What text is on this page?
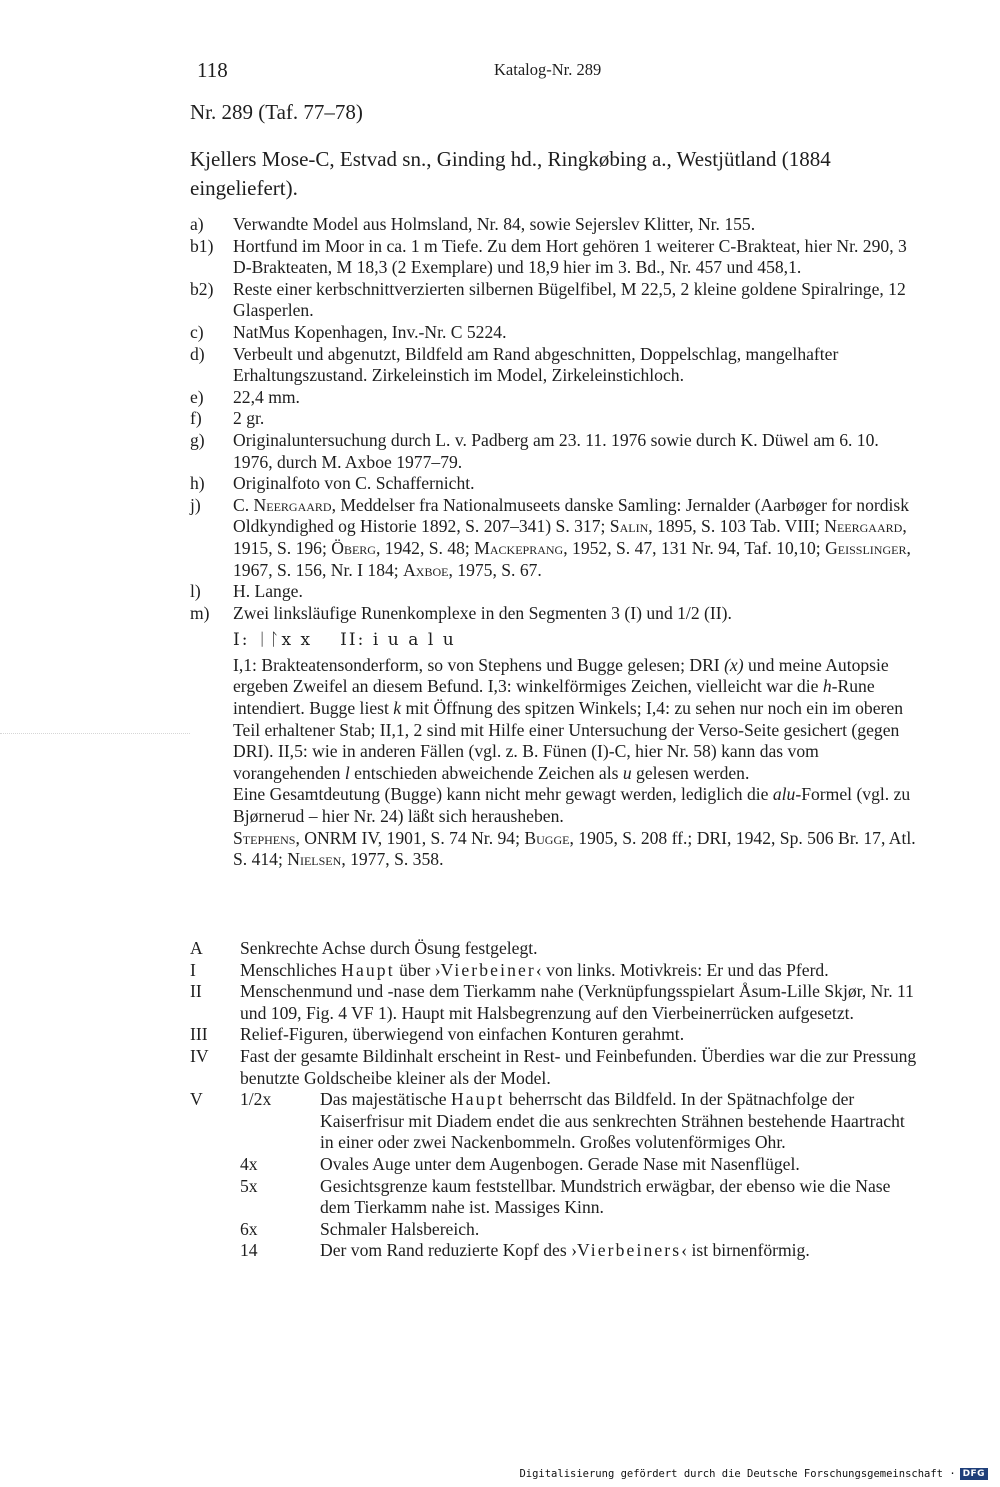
118	Katalog-Nr. 289
Nr. 289 (Taf. 77–78)
Kjellers Mose-C, Estvad sn., Ginding hd., Ringkøbing a., Westjütland (1884 eingeliefert).
a) Verwandte Model aus Holmsland, Nr. 84, sowie Sejerslev Klitter, Nr. 155.
b1) Hortfund im Moor in ca. 1 m Tiefe. Zu dem Hort gehören 1 weiterer C-Brakteat, hier Nr. 290, 3 D-Brakteaten, M 18,3 (2 Exemplare) und 18,9 hier im 3. Bd., Nr. 457 und 458,1.
b2) Reste einer kerbschnittverzierten silbernen Bügelfibel, M 22,5, 2 kleine goldene Spiralringe, 12 Glasperlen.
c) NatMus Kopenhagen, Inv.-Nr. C 5224.
d) Verbeult und abgenutzt, Bildfeld am Rand abgeschnitten, Doppelschlag, mangelhafter Erhaltungszustand. Zirkeleinstich im Model, Zirkeleinstichloch.
e) 22,4 mm.
f) 2 gr.
g) Originaluntersuchung durch L. v. Padberg am 23. 11. 1976 sowie durch K. Düwel am 6. 10. 1976, durch M. Axboe 1977–79.
h) Originalfoto von C. Schaffernicht.
j) C. Neergaard, Meddelser fra Nationalmuseets danske Samling: Jernalder (Aarbøger for nordisk Oldkyndighed og Historie 1892, S. 207–341) S. 317; Salin, 1895, S. 103 Tab. VIII; Neergaard, 1915, S. 196; Öberg, 1942, S. 48; Mackeprang, 1952, S. 47, 131 Nr. 94, Taf. 10,10; Geisslinger, 1967, S. 156, Nr. I 184; Axboe, 1975, S. 67.
l) H. Lange.
m) Zwei linksläufige Runenkomplexe in den Segmenten 3 (I) und 1/2 (II).

I: ᛁᛚx x II: i u a l u

I,1: Brakteatensonderform, so von Stephens und Bugge gelesen; DRI (x) und meine Autopsie ergeben Zweifel an diesem Befund. I,3: winkelförmiges Zeichen, vielleicht war die h-Rune intendiert. Bugge liest k mit Öffnung des spitzen Winkels; I,4: zu sehen nur noch ein im oberen Teil erhaltener Stab; II,1, 2 sind mit Hilfe einer Untersuchung der Verso-Seite gesichert (gegen DRI). II,5: wie in anderen Fällen (vgl. z. B. Fünen (I)-C, hier Nr. 58) kann das vom vorangehenden l entschieden abweichende Zeichen als u gelesen werden.

Eine Gesamtdeutung (Bugge) kann nicht mehr gewagt werden, lediglich die alu-Formel (vgl. zu Bjørnerud – hier Nr. 24) läßt sich herausheben.

Stephens, ONRM IV, 1901, S. 74 Nr. 94; Bugge, 1905, S. 208 ff.; DRI, 1942, Sp. 506 Br. 17, Atl. S. 414; Nielsen, 1977, S. 358.

A Senkrechte Achse durch Ösung festgelegt.
I	Menschliches Haupt über ›Vierbeiner‹ von links. Motivkreis: Er und das Pferd.
II Menschenmund und -nase dem Tierkamm nahe (Verknüpfungsspielart Åsum-Lille Skjør, Nr. 11 und 109, Fig. 4 VF 1). Haupt mit Halsbegrenzung auf den Vierbeinerrücken aufgesetzt.
III Relief-Figuren, überwiegend von einfachen Konturen gerahmt.
IV Fast der gesamte Bildinhalt erscheint in Rest- und Feinbefunden. Überdies war die zur Pressung benutzte Goldscheibe kleiner als der Model.
V 1/2x	Das majestätische Haupt beherrscht das Bildfeld. In der Spätnachfolge der Kaiserfrisur mit Diadem endet die aus senkrechten Strähnen bestehende Haartracht in einer oder zwei Nackenbommeln. Großes volutenförmiges Ohr.
4x	Ovales Auge unter dem Augenbogen. Gerade Nase mit Nasenflügel.
5x	Gesichtsgrenze kaum feststellbar. Mundstrich erwägbar, der ebenso wie die Nase dem Tierkamm nahe ist. Massiges Kinn.
6x	Schmaler Halsbereich.
14	Der vom Rand reduzierte Kopf des ›Vierbeiners‹ ist birnenförmig.
Digitalisierung gefördert durch die Deutsche Forschungsgemeinschaft · DFG
